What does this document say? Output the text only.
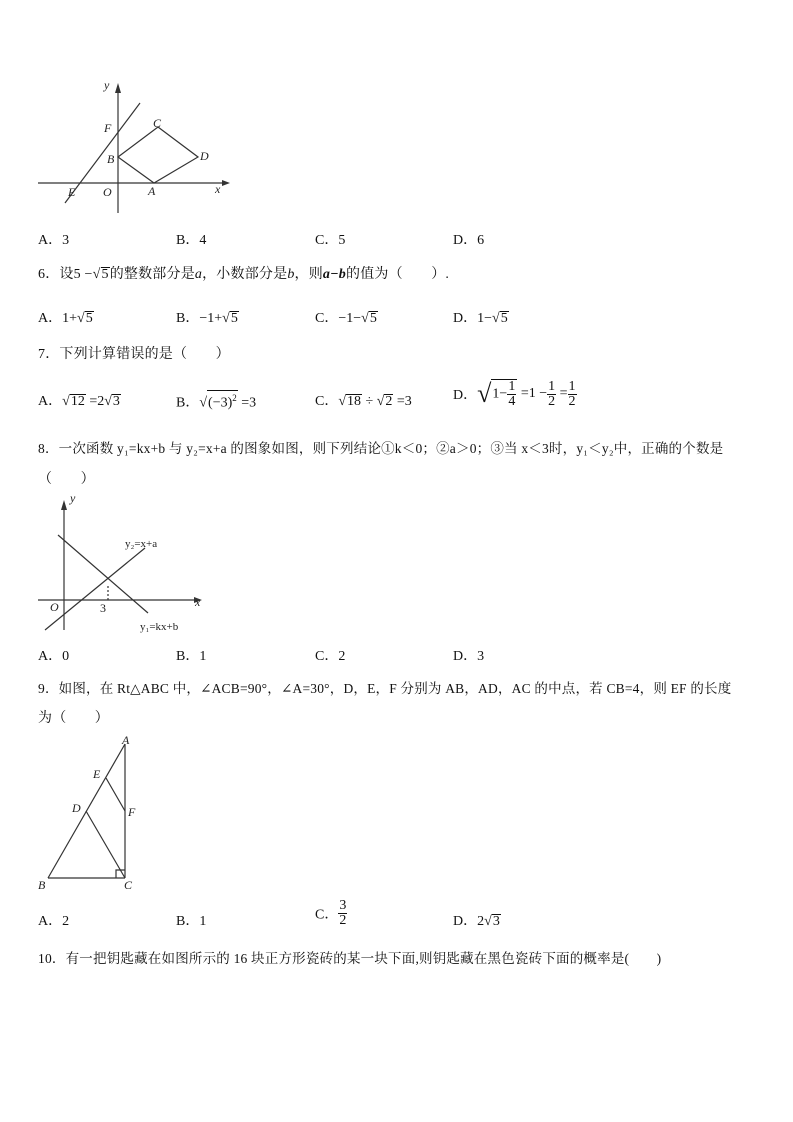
y
x
F	C
B	D
E O	A
A．3	B．4	C．5	D．6
6．设5 −√5的整数部分是a，小数部分是b，则a−b的值为（　　）.
A．1+√5	B．−1+√5	C．−1−√5	D．1−√5
7．下列计算错误的是（　　）
A．√12 =2√3	B．$√(-3)^2 =3$	C．√18 ÷ √2 =3	D．$√1- \frac{1}{4} =1 - \frac{1}{2} = \frac{1}{2}$
8．一次函数 y₁=kx+b 与 y₂=x+a 的图象如图，则下列结论①k＜0；②a＞0；③当 x＜3时，y₁＜y₂中，正确的个数是
（　　）
y
x
O	3
y₂=x+a
y₁=kx+b
A．0	B．1	C．2	D．3
9．如图，在 Rt△ABC 中，∠ACB=90°，∠A=30°，D，E，F 分别为 AB，AD，AC 的中点，若 CB=4，则 EF 的长度
为（　　）
A
E
D	F
B	C
A．2	B．1	C． $\frac{3}{2}$	D．2√3
10．有一把钥匙藏在如图所示的 16 块正方形瓷砖的某一块下面,则钥匙藏在黑色瓷砖下面的概率是(　　)
